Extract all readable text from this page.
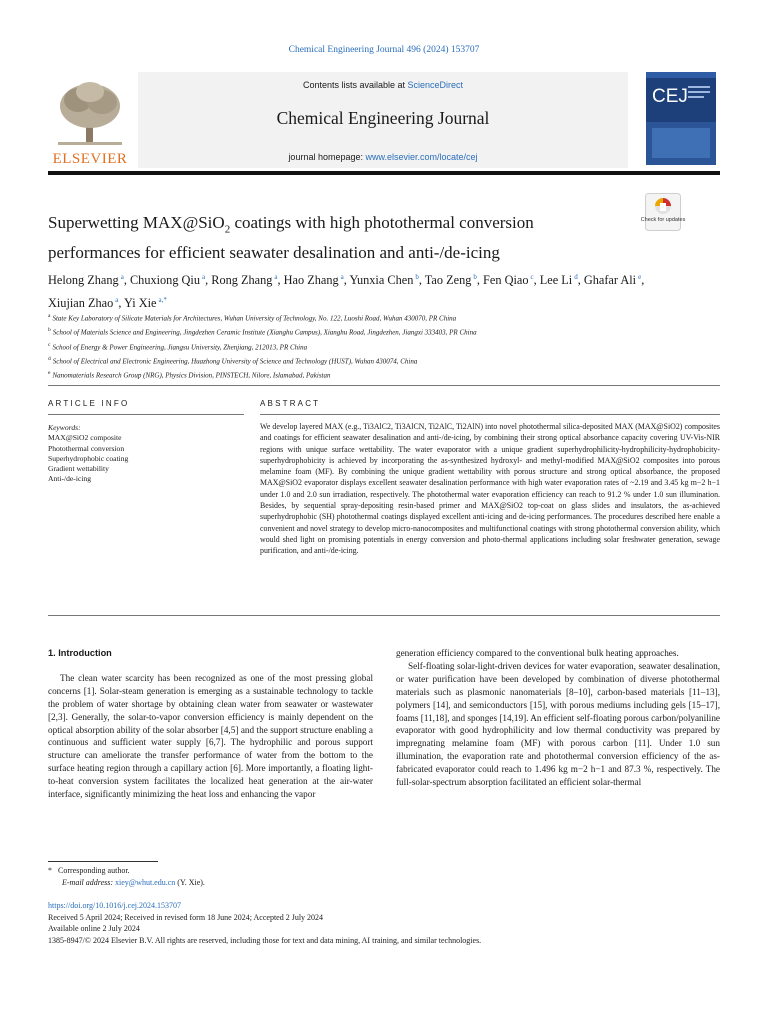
Chemical Engineering Journal 496 (2024) 153707
ELSEVIER
Contents lists available at ScienceDirect
Chemical Engineering Journal
journal homepage: www.elsevier.com/locate/cej
CEJ
Superwetting MAX@SiO$_2$ coatings with high photothermal conversion performances for efficient seawater desalination and anti-/de-icing
Check for updates
Helong Zhang $^a$, Chuxiong Qiu $^a$, Rong Zhang $^a$, Hao Zhang $^a$, Yunxia Chen $^b$, Tao Zeng $^b$, Fen Qiao $^c$, Lee Li $^d$, Ghafar Ali $^e$, Xiujian Zhao $^a$, Yi Xie $^{a,*}$
$^a$ State Key Laboratory of Silicate Materials for Architectures, Wuhan University of Technology, No. 122, Luoshi Road, Wuhan 430070, PR China
$^b$ School of Materials Science and Engineering, Jingdezhen Ceramic Institute (Xianghu Campus), Xianghu Road, Jingdezhen, Jiangxi 333403, PR China
$^c$ School of Energy & Power Engineering, Jiangsu University, Zhenjiang, 212013, PR China
$^d$ School of Electrical and Electronic Engineering, Huazhong University of Science and Technology (HUST), Wuhan 430074, China
$^e$ Nanomaterials Research Group (NRG), Physics Division, PINSTECH, Nilore, Islamabad, Pakistan
ARTICLE INFO	ABSTRACT
Keywords:
MAX@SiO2 composite
Photothermal conversion
Superhydrophobic coating
Gradient wettability
Anti-/de-icing
We develop layered MAX (e.g., Ti3AlC2, Ti3AlCN, Ti2AlC, Ti2AlN) into novel photothermal silica-deposited MAX (MAX@SiO2) composites and coatings for efficient seawater desalination and anti-/de-icing, by combining their strong optical absorbance capacity covering UV-Vis-NIR regions with unique surface wettability. The water evaporator with a unique gradient superhydrophilicity-hydrophilicity-hydrophobicity-superhydrophobicity is achieved by incorporating the as-synthesized hydroxyl- and methyl-modified MAX@SiO2 composites into porous melamine foam (MF). By combining the unique gradient wettability with porous structure and strong optical absorbance, the proposed MAX@SiO2 evaporator displays excellent seawater desalination performance with high water evaporation rates of ~2.19 and 3.45 kg m−2 h−1 under 1.0 and 2.0 sun irradiation, respectively. The photothermal water evaporation efficiency can reach to 91.2 % under 1.0 sun illumination. Besides, by sequential spray-depositing resin-based primer and MAX@SiO2 top-coat on glass slides and insulators, the as-achieved superhydrophobic (SH) photothermal coatings displayed excellent anti-icing and de-icing performances. The procedures described here enable a convenient and novel strategy to develop micro-nanocomposites and multifunctional coatings with strong photothermal conversion ability, which would shed light on promising potentials in energy conversion and photo-thermal applications including solar freshwater generation, sewage purification, and anti-/de-icing.
1. Introduction

The clean water scarcity has been recognized as one of the most pressing global concerns [1]. Solar-steam generation is emerging as a sustainable technology to tackle the problem of water shortage by obtaining clean water from seawater or wastewater [2,3]. Generally, the solar-to-vapor conversion efficiency is mainly dependent on the optical absorption ability of the solar absorber [4,5] and the support structure enabling a continuous and sufficient water supply [6,7]. The hydrophilic and porous support structure can ameliorate the transfer performance of water from the bottom to the surface heating region through a capillary action [6]. More importantly, a floating light-to-heat conversion system facilitates the localized heat generation at the air-water interface, significantly minimizing the heat loss and enhancing the vapor

generation efficiency compared to the conventional bulk heating approaches.

Self-floating solar-light-driven devices for water evaporation, seawater desalination, or water purification have been developed by combination of diverse photothermal materials such as plasmonic nanomaterials [8–10], carbon-based materials [11–13], polymers [14], and semiconductors [15], with porous mediums including gels [15–17], foams [11,18], and sponges [14,19]. An efficient self-floating porous carbon/polyaniline evaporator with good hydrophilicity and low thermal conductivity was prepared by impregnating melamine foam (MF) with porous carbon [11]. Under 1.0 sun illumination, the evaporation rate and photothermal conversion efficiency of the as-fabricated evaporator could reach to 1.496 kg m−2 h−1 and 87.3 %, respectively. The full-solar-spectrum absorption facilitated an efficient solar-thermal

* Corresponding author.
E-mail address: xiey@whut.edu.cn (Y. Xie).
https://doi.org/10.1016/j.cej.2024.153707
Received 5 April 2024; Received in revised form 18 June 2024; Accepted 2 July 2024
Available online 2 July 2024
1385-8947/© 2024 Elsevier B.V. All rights are reserved, including those for text and data mining, AI training, and similar technologies.
